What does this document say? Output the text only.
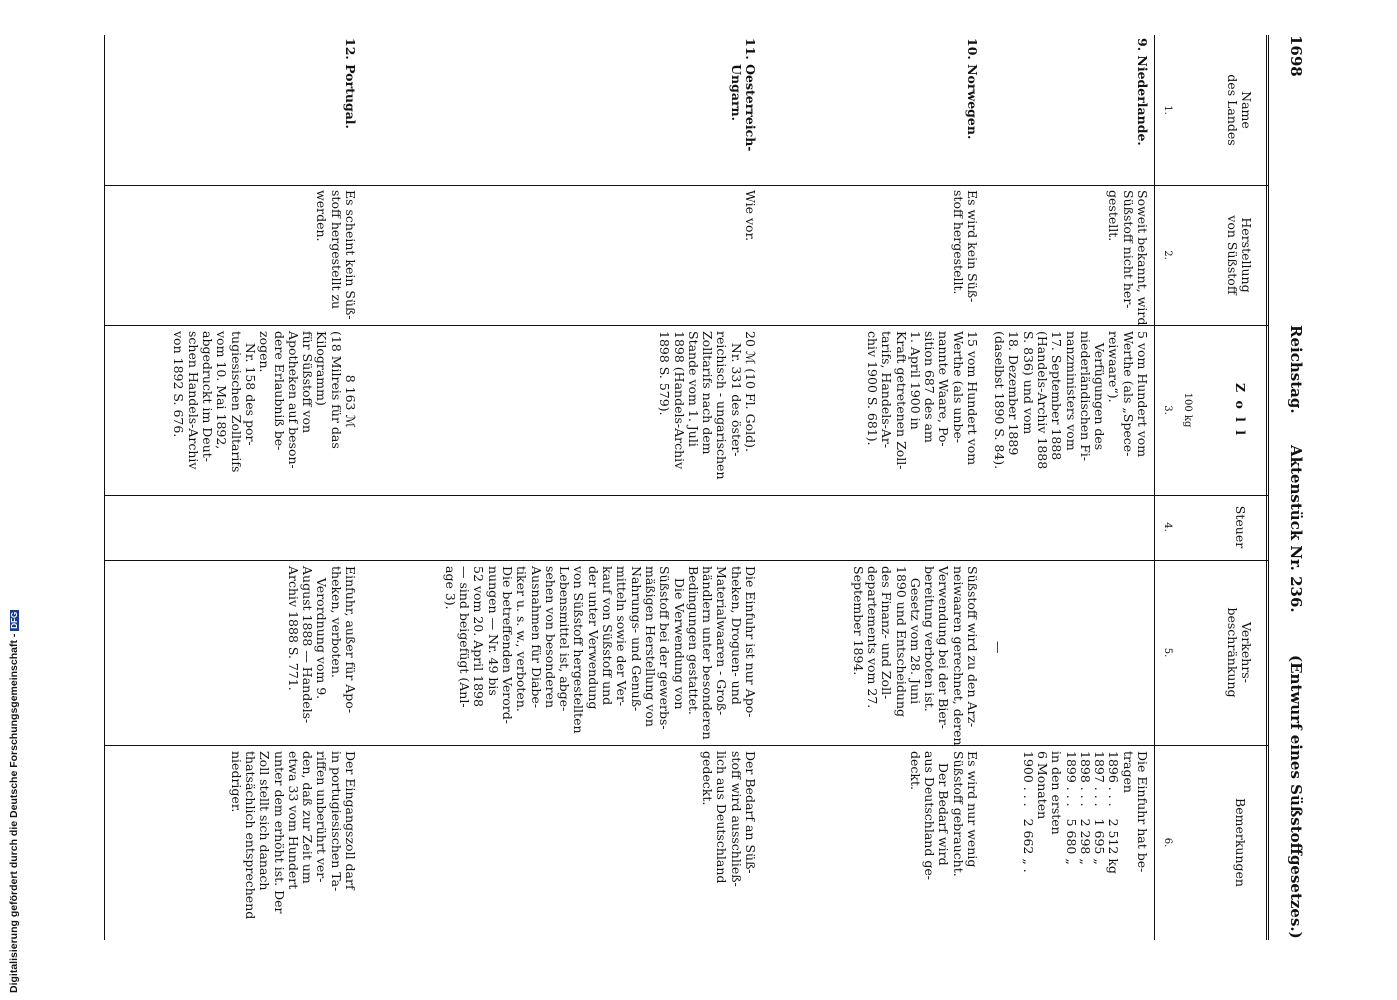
1698
Reichstag.
Aktenstück Nr. 236.
(Entwurf eines Süßstoffgesetzes.)
Name
des Landes
1.
Herstellung
von Süßstoff
2.
Z o l l
100 kg
3.
Steuer
4.
Verkehrs-
beschränkung
5.
Bemerkungen
6.
9. Niederlande.
Soweit bekannt, wird
Süßstoff nicht her-
gestellt.
5 vom Hundert vom
Werthe (als „Spece-
reiwaare“).
Verfügungen des
niederländischen Fi-
nanzministers vom
17. September 1888
(Handels-Archiv 1888
S. 836) und vom
18. Dezember 1889
(daselbst 1890 S. 84).
—
Die Einfuhr hat be-
tragen
1896 . . .   2 512 kg
1897 . . .   1 695 „
1898 . . .   2 298 „
1899 . . .   5 680 „
in den ersten
6 Monaten
1900 . . .   2 662 „ .
10. Norwegen.
Es wird kein Süß-
stoff hergestellt.
15 vom Hundert vom
Werthe (als unbe-
nannte Waare, Po-
sition 687 des am
1. April 1900 in
Kraft getretenen Zoll-
tarifs, Handels-Ar-
chiv 1900 S. 681).
Süßstoff wird zu den Arz-
neiwaaren gerechnet, deren
Verwendung bei der Bier-
bereitung verboten ist.
Gesetz vom 28. Juni
1890 und Entscheidung
des Finanz- und Zoll-
departements vom 27.
September 1894.
Es wird nur wenig
Süßstoff gebraucht.
Der Bedarf wird
aus Deutschland ge-
deckt.
11. Oesterreich-
Ungarn.
Wie vor.
20 ℳ (10 Fl. Gold).
Nr. 331 des öster-
reichisch - ungarischen
Zolltarifs nach dem
Stande vom 1. Juli
1898 (Handels-Archiv
1898 S. 579).
Die Einfuhr ist nur Apo-
theken, Droguen- und
Materialwaaren - Groß-
händlern unter besonderen
Bedingungen gestattet.
Die Verwendung von
Süßstoff bei der gewerbs-
mäßigen Herstellung von
Nahrungs- und Genuß-
mitteln sowie der Ver-
kauf von Süßstoff und
der unter Verwendung
von Süßstoff hergestellten
Lebensmittel ist, abge-
sehen von besonderen
Ausnahmen für Diabe-
tiker u. s. w., verboten.
Die betreffenden Verord-
nungen — Nr. 49 bis
52 vom 20. April 1898
— sind beigefügt (Anl-
age 3).
Der Bedarf an Süß-
stoff wird ausschließ-
lich aus Deutschland
gedeckt.
12. Portugal.
Es scheint kein Süß-
stoff hergestellt zu
werden.
8 163 ℳ
(18 Milreis für das
Kilogramm)
für Süßstoff von
Apotheken auf beson-
dere Erlaubniß be-
zogen.
Nr. 158 des por-
tugiesischen Zolltarifs
vom 10. Mai 1892,
abgedruckt im Deut-
schen Handels-Archiv
von 1892 S. 676.
Einfuhr, außer für Apo-
theken, verboten.
Verordnung vom 9.
August 1888 — Handels-
Archiv 1888 S. 771.
Der Eingangszoll darf
in portugiesischen Ta-
riffen unberührt ver-
den, daß zur Zeit um
etwa 33 vom Hundert
unter dem erhöht ist. Der
Zoll stellt sich danach
thatsächlich entsprechend
niedriger.
Digitalisierung gefördert durch die Deutsche Forschungsgemeinschaft - DFG
